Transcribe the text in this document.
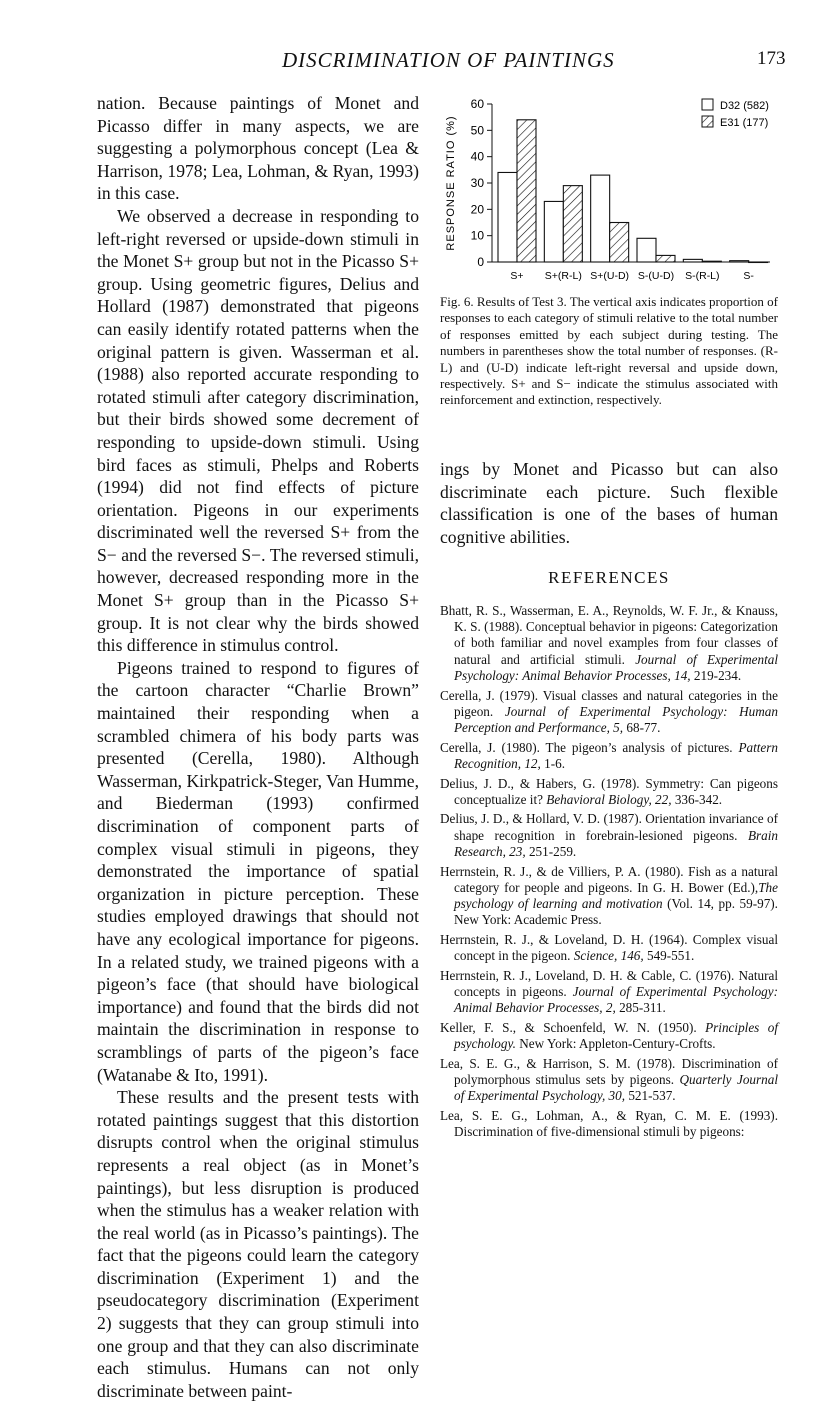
DISCRIMINATION OF PAINTINGS	173

nation. Because paintings of Monet and Picasso differ in many aspects, we are suggesting a polymorphous concept (Lea & Harrison, 1978; Lea, Lohman, & Ryan, 1993) in this case.

We observed a decrease in responding to left-right reversed or upside-down stimuli in the Monet S+ group but not in the Picasso S+ group. Using geometric figures, Delius and Hollard (1987) demonstrated that pigeons can easily identify rotated patterns when the original pattern is given. Wasserman et al. (1988) also reported accurate responding to rotated stimuli after category discrimination, but their birds showed some decrement of responding to upside-down stimuli. Using bird faces as stimuli, Phelps and Roberts (1994) did not find effects of picture orientation. Pigeons in our experiments discriminated well the reversed S+ from the S− and the reversed S−. The reversed stimuli, however, decreased responding more in the Monet S+ group than in the Picasso S+ group. It is not clear why the birds showed this difference in stimulus control.

Pigeons trained to respond to figures of the cartoon character “Charlie Brown” maintained their responding when a scrambled chimera of his body parts was presented (Cerella, 1980). Although Wasserman, Kirkpatrick-Steger, Van Humme, and Biederman (1993) confirmed discrimination of component parts of complex visual stimuli in pigeons, they demonstrated the importance of spatial organization in picture perception. These studies employed drawings that should not have any ecological importance for pigeons. In a related study, we trained pigeons with a pigeon’s face (that should have biological importance) and found that the birds did not maintain the discrimination in response to scramblings of parts of the pigeon’s face (Watanabe & Ito, 1991).

These results and the present tests with rotated paintings suggest that this distortion disrupts control when the original stimulus represents a real object (as in Monet’s paintings), but less disruption is produced when the stimulus has a weaker relation with the real world (as in Picasso’s paintings). The fact that the pigeons could learn the category discrimination (Experiment 1) and the pseudocategory discrimination (Experiment 2) suggests that they can group stimuli into one group and that they can also discriminate each stimulus. Humans can not only discriminate between paint-

0
10
20
30
40
50
60
RESPONSE RATIO (%)
S+ S+(R-L) S+(U-D) S-(U-D) S-(R-L) S-
D32 (582)
E31 (177)
Fig. 6. Results of Test 3. The vertical axis indicates proportion of responses to each category of stimuli relative to the total number of responses emitted by each subject during testing. The numbers in parentheses show the total number of responses. (R-L) and (U-D) indicate left-right reversal and upside down, respectively. S+ and S− indicate the stimulus associated with reinforcement and extinction, respectively.

ings by Monet and Picasso but can also discriminate each picture. Such flexible classification is one of the bases of human cognitive abilities.

REFERENCES
Bhatt, R. S., Wasserman, E. A., Reynolds, W. F. Jr., & Knauss, K. S. (1988). Conceptual behavior in pigeons: Categorization of both familiar and novel examples from four classes of natural and artificial stimuli. Journal of Experimental Psychology: Animal Behavior Processes, 14, 219-234.
Cerella, J. (1979). Visual classes and natural categories in the pigeon. Journal of Experimental Psychology: Human Perception and Performance, 5, 68-77.
Cerella, J. (1980). The pigeon’s analysis of pictures. Pattern Recognition, 12, 1-6.
Delius, J. D., & Habers, G. (1978). Symmetry: Can pigeons conceptualize it? Behavioral Biology, 22, 336-342.
Delius, J. D., & Hollard, V. D. (1987). Orientation invariance of shape recognition in forebrain-lesioned pigeons. Brain Research, 23, 251-259.
Herrnstein, R. J., & de Villiers, P. A. (1980). Fish as a natural category for people and pigeons. In G. H. Bower (Ed.),The psychology of learning and motivation (Vol. 14, pp. 59-97). New York: Academic Press.
Herrnstein, R. J., & Loveland, D. H. (1964). Complex visual concept in the pigeon. Science, 146, 549-551.
Herrnstein, R. J., Loveland, D. H. & Cable, C. (1976). Natural concepts in pigeons. Journal of Experimental Psychology: Animal Behavior Processes, 2, 285-311.
Keller, F. S., & Schoenfeld, W. N. (1950). Principles of psychology. New York: Appleton-Century-Crofts.
Lea, S. E. G., & Harrison, S. M. (1978). Discrimination of polymorphous stimulus sets by pigeons. Quarterly Journal of Experimental Psychology, 30, 521-537.
Lea, S. E. G., Lohman, A., & Ryan, C. M. E. (1993). Discrimination of five-dimensional stimuli by pigeons:
